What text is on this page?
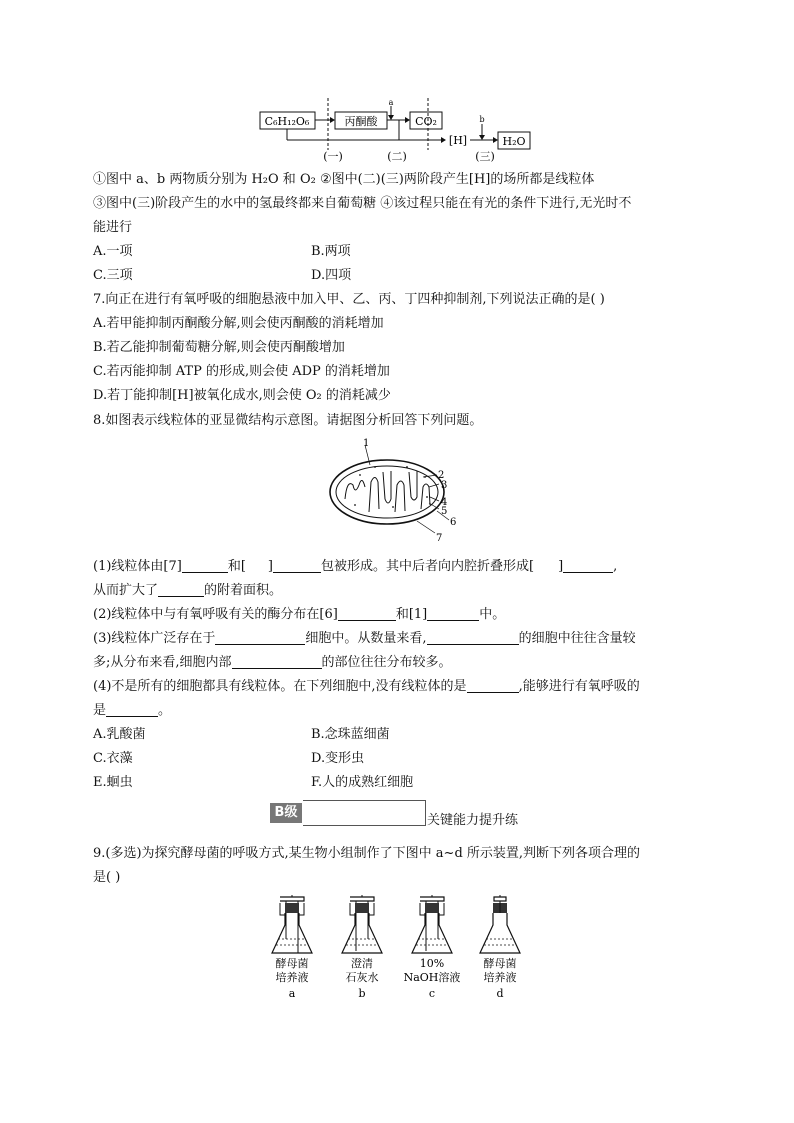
C₆H₁₂O₆	丙酮酸
a
CO₂
[H]
b
H₂O
(一)	(二)	(三)
①图中 a、b 两物质分别为 H₂O 和 O₂ ②图中(二)(三)两阶段产生[H]的场所都是线粒体
③图中(三)阶段产生的水中的氢最终都来自葡萄糖 ④该过程只能在有光的条件下进行,无光时不
能进行
A.一项	B.两项
C.三项	D.四项
7.向正在进行有氧呼吸的细胞悬液中加入甲、乙、丙、丁四种抑制剂,下列说法正确的是( )
A.若甲能抑制丙酮酸分解,则会使丙酮酸的消耗增加
B.若乙能抑制葡萄糖分解,则会使丙酮酸增加
C.若丙能抑制 ATP 的形成,则会使 ADP 的消耗增加
D.若丁能抑制[H]被氧化成水,则会使 O₂ 的消耗减少
8.如图表示线粒体的亚显微结构示意图。请据图分析回答下列问题。
1
2
3
4
5
6
7
(1)线粒体由[7]	和[ ]	包被形成。其中后者向内腔折叠形成[ ]	,
从而扩大了	的附着面积。
(2)线粒体中与有氧呼吸有关的酶分布在[6]	和[1]	中。
(3)线粒体广泛存在于	细胞中。从数量来看,	的细胞中往往含量较
多;从分布来看,细胞内部	的部位往往分布较多。
(4)不是所有的细胞都具有线粒体。在下列细胞中,没有线粒体的是	,能够进行有氧呼吸的
是	。
A.乳酸菌	B.念珠蓝细菌
C.衣藻	D.变形虫
E.蛔虫	F.人的成熟红细胞
B级
关键能力提升练
9.(多选)为探究酵母菌的呼吸方式,某生物小组制作了下图中 a~d 所示装置,判断下列各项合理的
是( )
酵母菌
培养液
a
澄清
石灰水
b
10%
NaOH溶液
c
酵母菌
培养液
d
